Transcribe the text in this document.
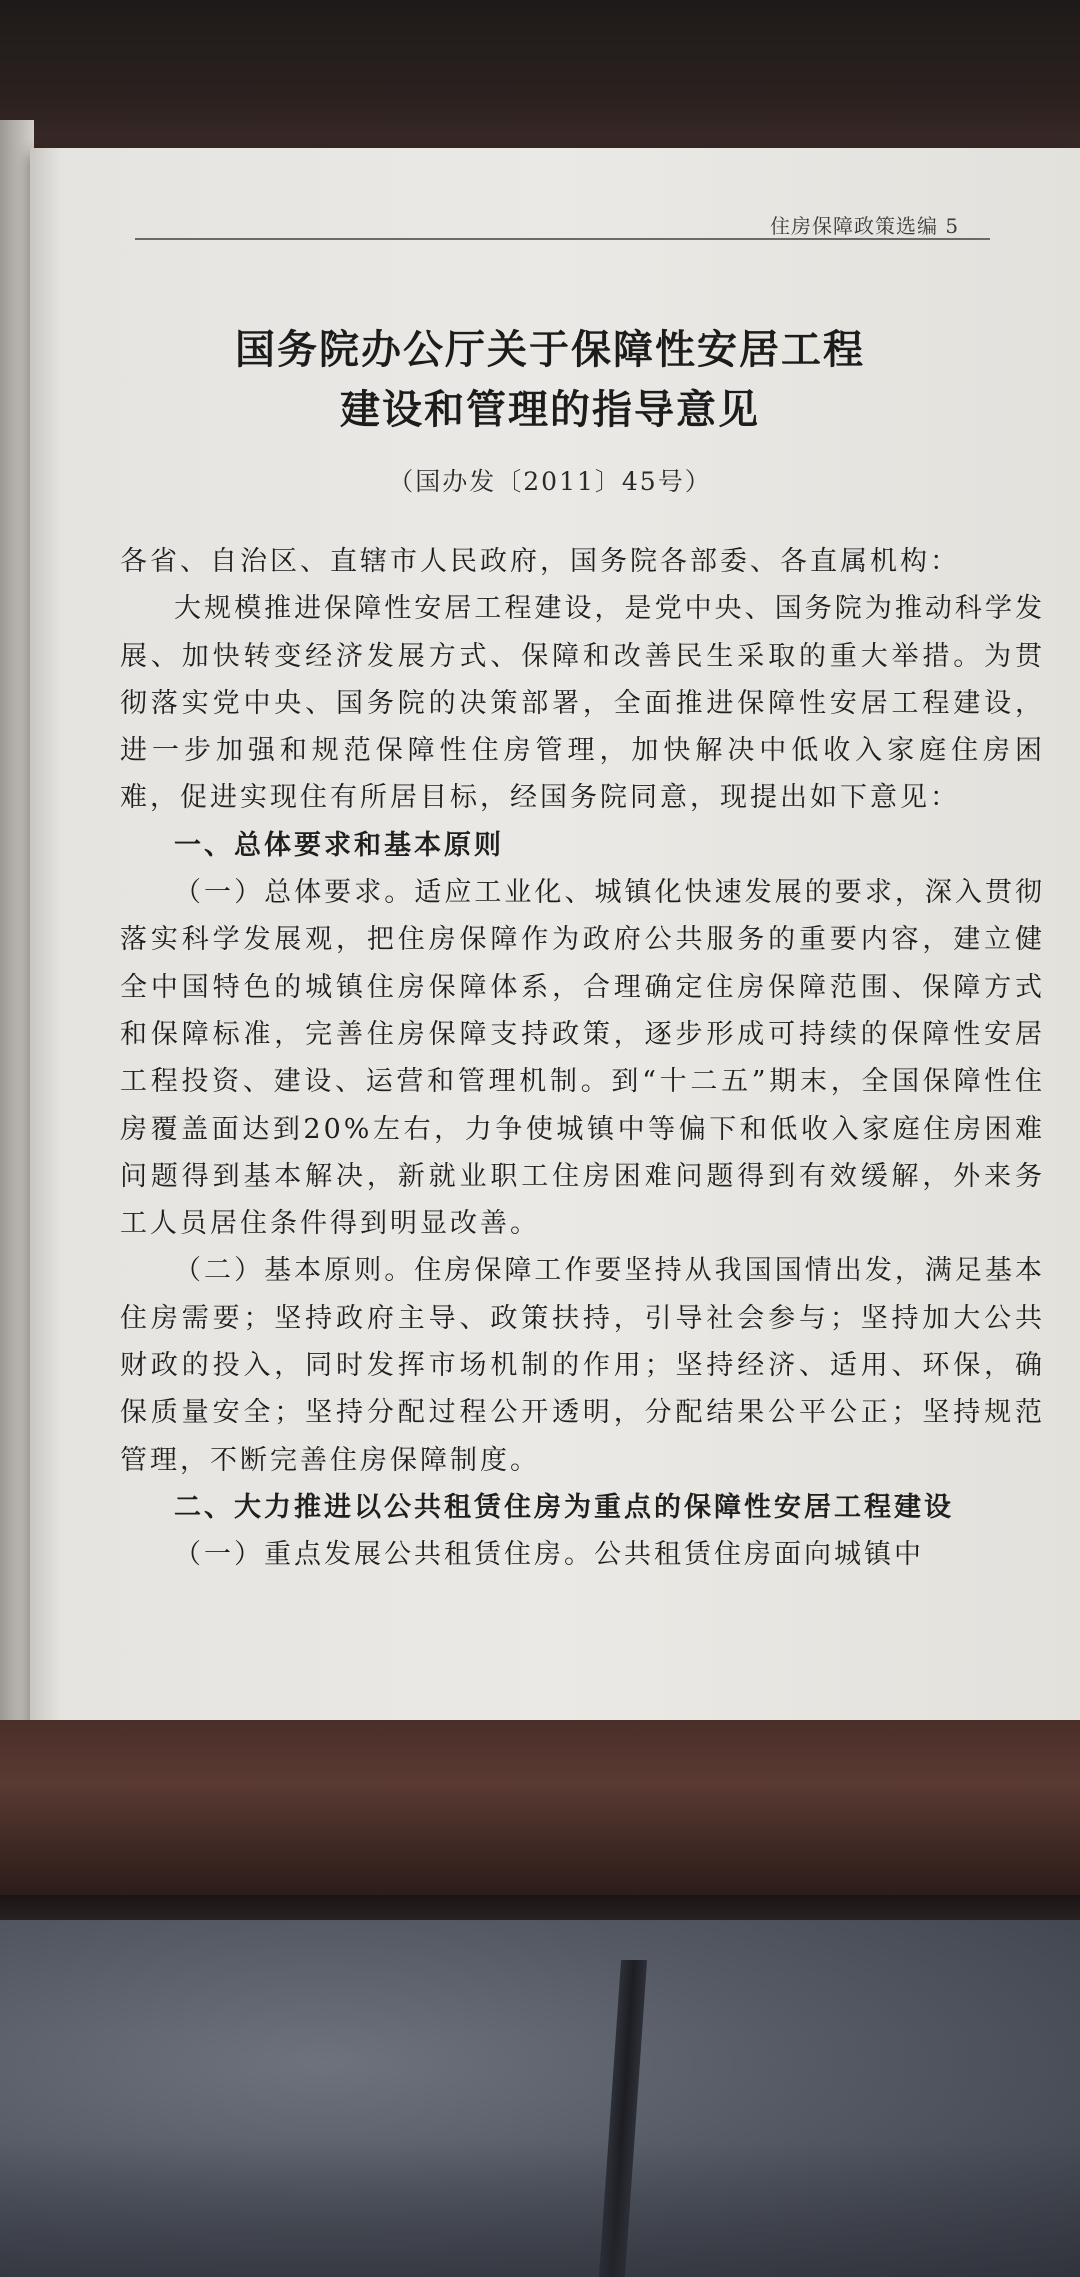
住房保障政策选编 5
国务院办公厅关于保障性安居工程
建设和管理的指导意见
（国办发〔2011〕45号）

各省、自治区、直辖市人民政府，国务院各部委、各直属机构：

大规模推进保障性安居工程建设，是党中央、国务院为推动科学发展、加快转变经济发展方式、保障和改善民生采取的重大举措。为贯彻落实党中央、国务院的决策部署，全面推进保障性安居工程建设，进一步加强和规范保障性住房管理，加快解决中低收入家庭住房困难，促进实现住有所居目标，经国务院同意，现提出如下意见：

一、总体要求和基本原则

（一）总体要求。适应工业化、城镇化快速发展的要求，深入贯彻落实科学发展观，把住房保障作为政府公共服务的重要内容，建立健全中国特色的城镇住房保障体系，合理确定住房保障范围、保障方式和保障标准，完善住房保障支持政策，逐步形成可持续的保障性安居工程投资、建设、运营和管理机制。到“十二五”期末，全国保障性住房覆盖面达到20%左右，力争使城镇中等偏下和低收入家庭住房困难问题得到基本解决，新就业职工住房困难问题得到有效缓解，外来务工人员居住条件得到明显改善。

（二）基本原则。住房保障工作要坚持从我国国情出发，满足基本住房需要；坚持政府主导、政策扶持，引导社会参与；坚持加大公共财政的投入，同时发挥市场机制的作用；坚持经济、适用、环保，确保质量安全；坚持分配过程公开透明，分配结果公平公正；坚持规范管理，不断完善住房保障制度。

二、大力推进以公共租赁住房为重点的保障性安居工程建设

（一）重点发展公共租赁住房。公共租赁住房面向城镇中
